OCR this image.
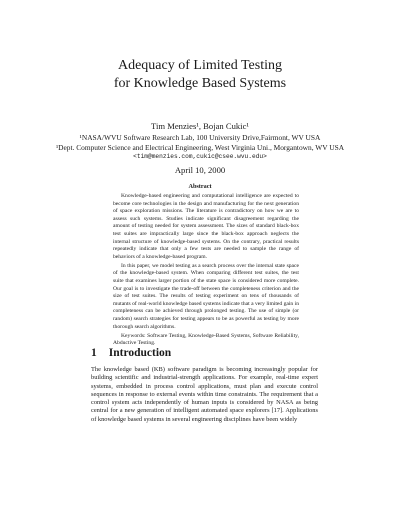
Adequacy of Limited Testing
for Knowledge Based Systems
Tim Menzies¹, Bojan Cukic¹
¹NASA/WVU Software Research Lab, 100 University Drive,Fairmont, WV USA
¹Dept. Computer Science and Electrical Engineering, West Virginia Uni., Morgantown, WV USA
<tim@menzies.com,cukic@csee.wvu.edu>
April 10, 2000
Abstract

Knowledge-based engineering and computational intelligence are expected to become core technologies in the design and manufacturing for the next generation of space exploration missions. The literature is contradictory on how we are to assess such systems. Studies indicate significant disagreement regarding the amount of testing needed for system assessment. The sizes of standard black-box test suites are impractically large since the black-box approach neglects the internal structure of knowledge-based systems. On the contrary, practical results repeatedly indicate that only a few tests are needed to sample the range of behaviors of a knowledge-based program.

In this paper, we model testing as a search process over the internal state space of the knowledge-based system. When comparing different test suites, the test suite that examines larger portion of the state space is considered more complete. Our goal is to investigate the trade-off between the completeness criterion and the size of test suites. The results of testing experiment on tens of thousands of mutants of real-world knowledge based systems indicate that a very limited gain in completeness can be achieved through prolonged testing. The use of simple (or random) search strategies for testing appears to be as powerful as testing by more thorough search algorithms.

Keywords: Software Testing, Knowledge-Based Systems, Software Reliability, Abductive Testing.

1 Introduction

The knowledge based (KB) software paradigm is becoming increasingly popular for building scientific and industrial-strength applications. For example, real-time expert systems, embedded in process control applications, must plan and execute control sequences in response to external events within time constraints. The requirement that a control system acts independently of human inputs is considered by NASA as being central for a new generation of intelligent automated space explorers [17]. Applications of knowledge based systems in several engineering disciplines have been widely
